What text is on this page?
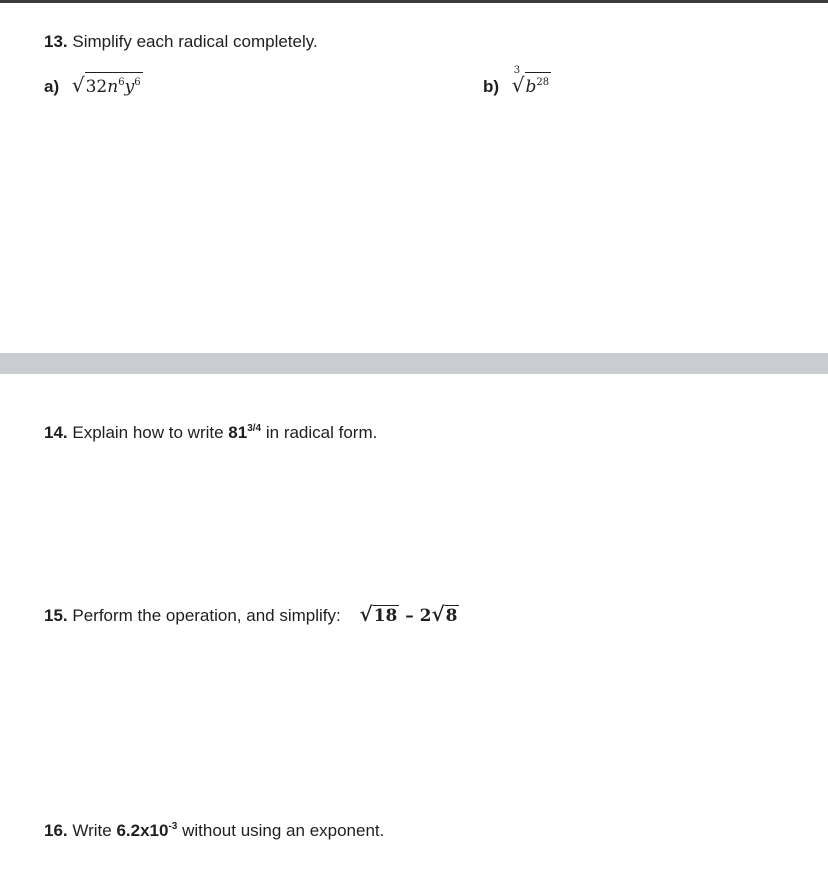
13. Simplify each radical completely.
a) $√32n^6y^6$	b)
3
$√b^{28}$
14. Explain how to write $81^{3/4}$ in radical form.
15. Perform the operation, and simplify: √18 – 2√8
16. Write $6.2x10^{-3}$ without using an exponent.
